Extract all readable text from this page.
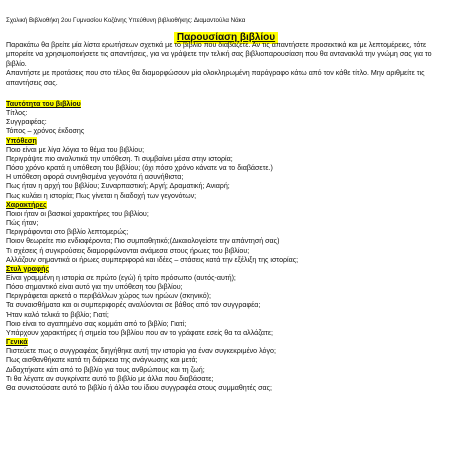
Σχολική Βιβλιοθήκη 2ου Γυμνασίου Κοζάνης Υπεύθυνη βιβλιοθήκης: Διαμαντούλα Νάκα
Παρουσίαση βιβλίου

Παρακάτω θα βρείτε μία λίστα ερωτήσεων σχετικά με το βιβλίο που διαβάζετε. Αν τις απαντήσετε προσεκτικά και με λεπτομέρειες, τότε μπορείτε να χρησιμοποιήσετε τις απαντήσεις, για να γράψετε την τελική σας βιβλιοπαρουσίαση που θα αντανακλά την γνώμη σας για το βιβλίο.

Απαντήστε με προτάσεις που στο τέλος θα διαμορφώσουν μία ολοκληρωμένη παράγραφο κάτω από τον κάθε τίτλο. Μην αριθμείτε τις απαντήσεις σας.

Ταυτότητα του βιβλίου
Τίτλος:
Συγγραφέας:
Τόπος – χρόνος έκδοσης
Υπόθεση
Ποιο είναι με λίγα λόγια το θέμα του βιβλίου;
Περιγράψτε πιο αναλυτικά την υπόθεση. Τι συμβαίνει μέσα στην ιστορία;
Πόσο χρόνο κρατά η υπόθεση του βιβλίου; (όχι πόσο χρόνο κάνατε να το διαβάσετε.)
Η υπόθεση αφορά συνηθισμένα γεγονότα ή ασυνήθιστα;
Πως ήταν η αρχή του βιβλίου; Συναρπαστική; Αργή; Δραματική; Ανιαρή;
Πως κυλάει η ιστορία; Πως γίνεται η διαδοχή των γεγονότων;
Χαρακτήρες
Ποιοι ήταν οι βασικοί χαρακτήρες του βιβλίου;
Πώς ήταν;
Περιγράφονται στο βιβλίο λεπτομερώς;
Ποιον θεωρείτε πιο ενδιαφέροντα; Πιο συμπαθητικό;(Δικαιολογείστε την απάντησή σας)
Τι σχέσεις ή συγκρούσεις διαμορφώνονται ανάμεσα στους ήρωες του βιβλίου;
Αλλάζουν σημαντικά οι ήρωες συμπεριφορά και ιδέες – στάσεις κατά την εξέλιξη της ιστορίας;
Στυλ γραφής
Είναι γραμμένη η ιστορία σε πρώτο (εγώ) ή τρίτο πρόσωπο (αυτός-αυτή);
Πόσο σημαντικό είναι αυτό για την υπόθεση του βιβλίου;
Περιγράφεται αρκετά ο περιβάλλων χώρος των ηρώων (σκηνικό);
Τα συναισθήματα και οι συμπεριφορές αναλύονται σε βάθος από τον συγγραφέα;
Ήταν καλό τελικά το βιβλίο; Γιατί;
Ποιο είναι το αγαπημένο σας κομμάτι από το βιβλίο; Γιατί;
Υπάρχουν χαρακτήρες ή σημεία του βιβλίου που αν το γράφατε εσείς θα τα αλλάζατε;
Γενικά
Πιστεύετε πως ο συγγραφέας διηγήθηκε αυτή την ιστορία για έναν συγκεκριμένο λόγο;
Πως αισθανθήκατε κατά τη διάρκεια της ανάγνωσης και μετά;
Διδαχτήκατε κάτι από το βιβλίο για τους ανθρώπους και τη ζωή;
Τι θα λέγατε αν συγκρίνατε αυτό το βιβλίο με άλλα που διαβάσατε;
Θα συνιστούσατε αυτό το βιβλίο ή άλλο του ίδιου συγγραφέα στους συμμαθητές σας;
